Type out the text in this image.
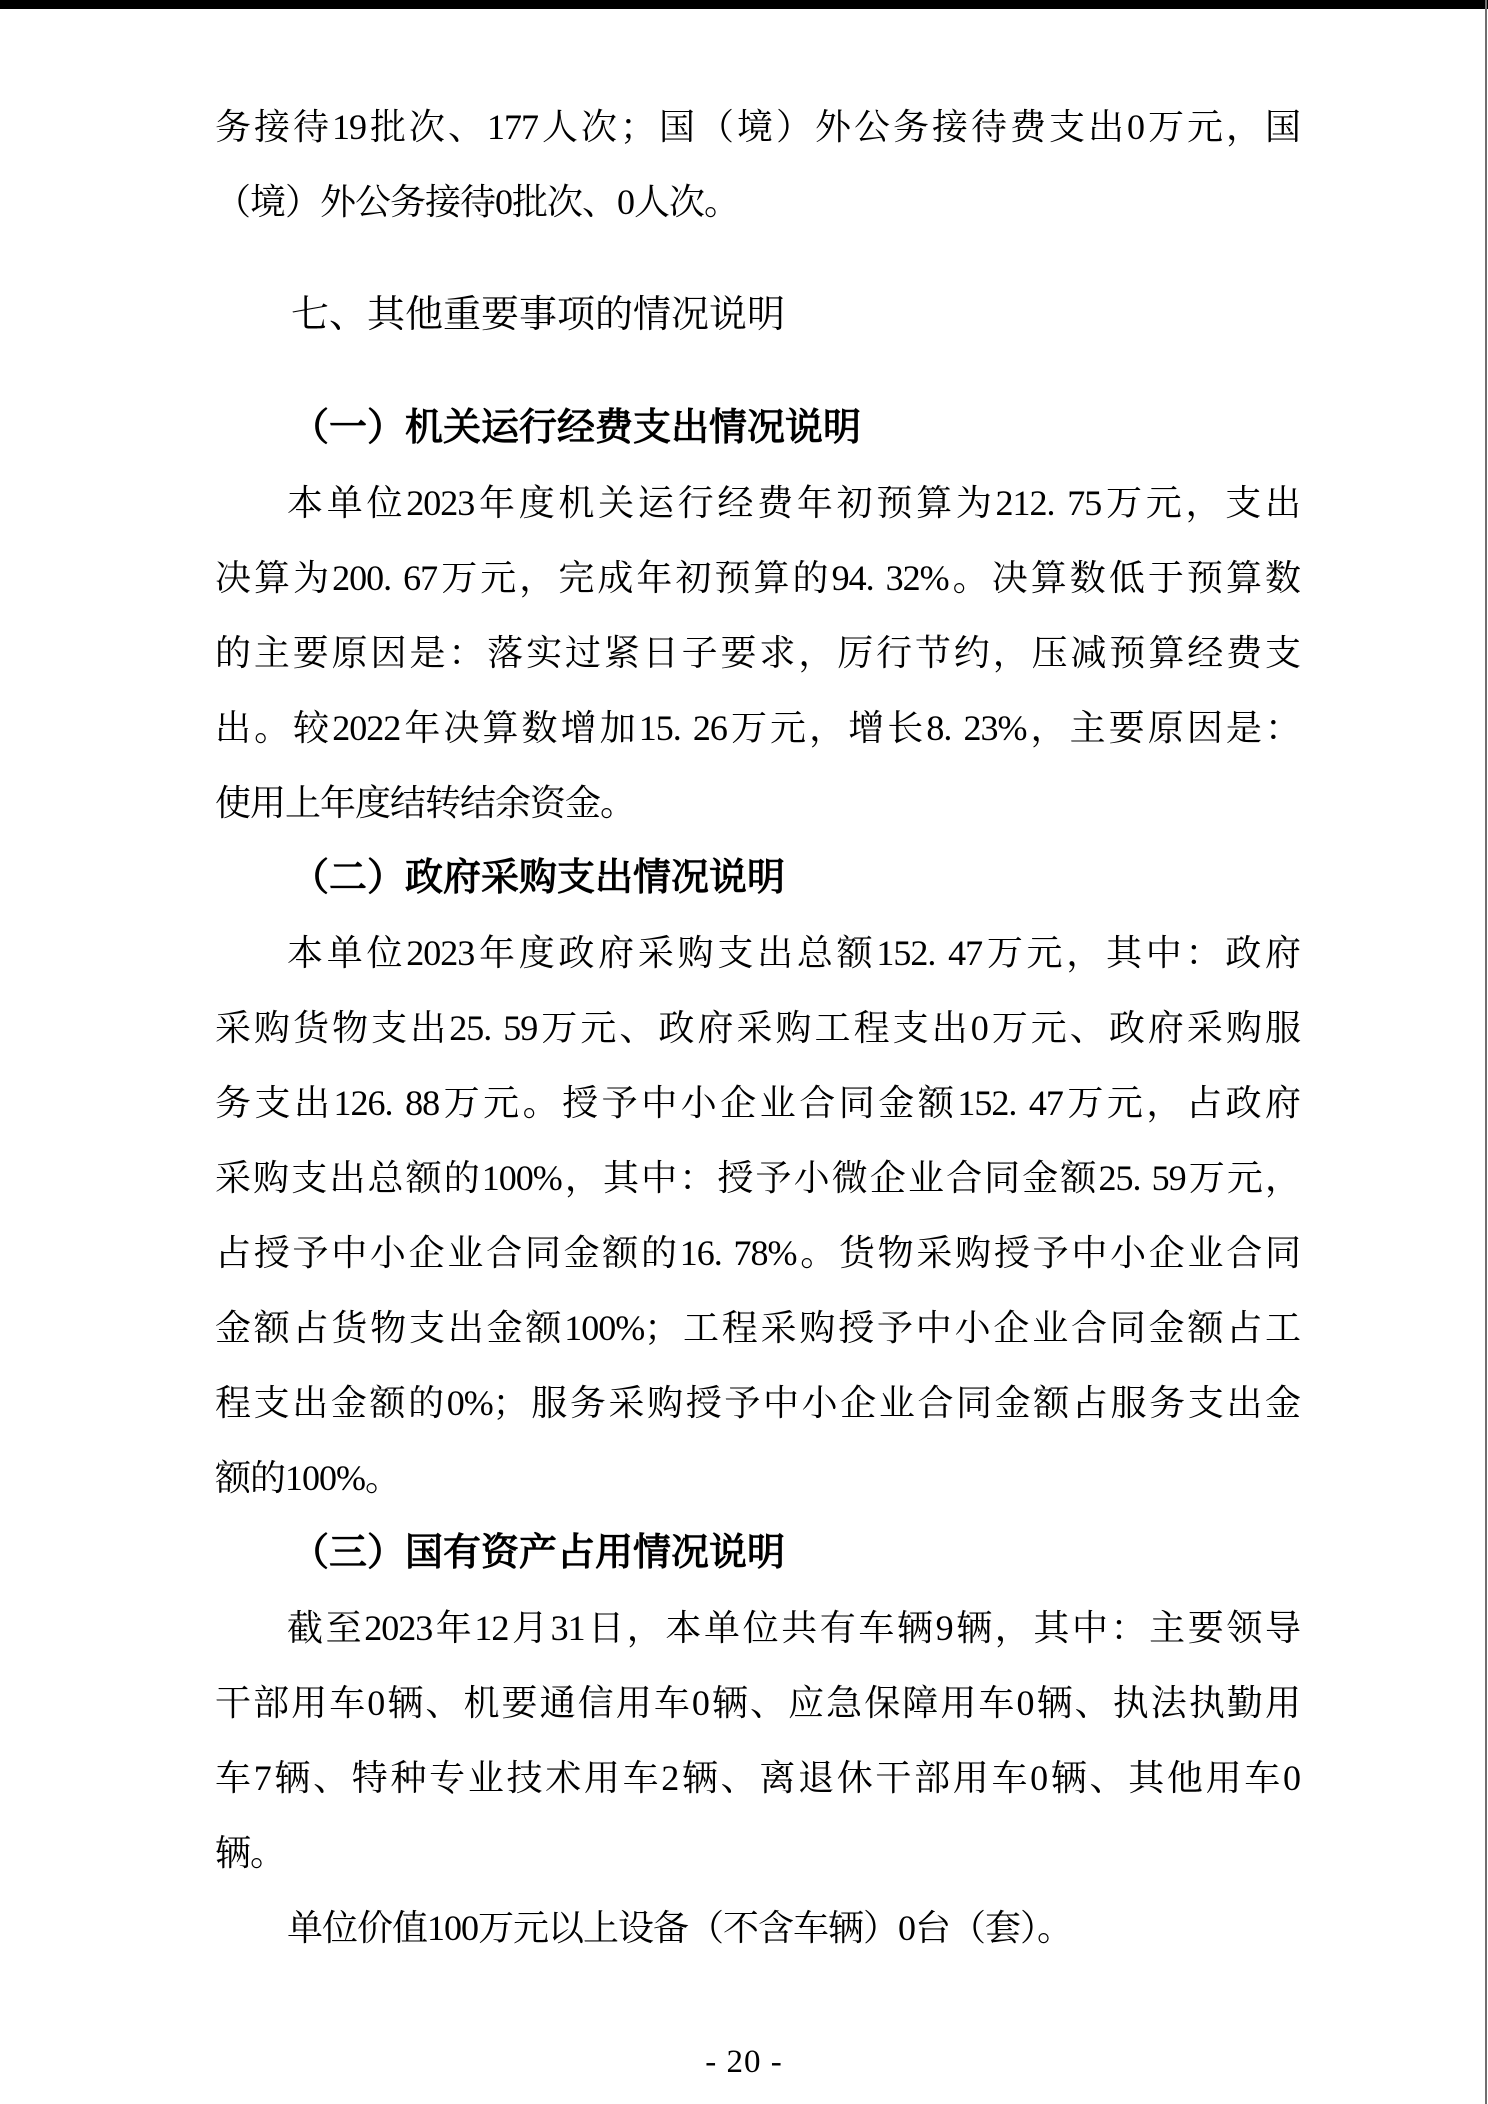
务接待19批次、177人次；国（境）外公务接待费支出0万元，国
（境）外公务接待0批次、0人次。
七、其他重要事项的情况说明
（一）机关运行经费支出情况说明
本单位2023年度机关运行经费年初预算为212. 75万元，支出
决算为200. 67万元，完成年初预算的94. 32%。决算数低于预算数
的主要原因是：落实过紧日子要求，厉行节约，压减预算经费支
出。较2022年决算数增加15. 26万元，增长8. 23%，主要原因是：
使用上年度结转结余资金。
（二）政府采购支出情况说明
本单位2023年度政府采购支出总额152. 47万元，其中：政府
采购货物支出25. 59万元、政府采购工程支出0万元、政府采购服
务支出126. 88万元。授予中小企业合同金额152. 47万元，占政府
采购支出总额的100%，其中：授予小微企业合同金额25. 59万元，
占授予中小企业合同金额的16. 78%。货物采购授予中小企业合同
金额占货物支出金额100%；工程采购授予中小企业合同金额占工
程支出金额的0%；服务采购授予中小企业合同金额占服务支出金
额的100%。
（三）国有资产占用情况说明
截至2023年12月31日，本单位共有车辆9辆，其中：主要领导
干部用车0辆、机要通信用车0辆、应急保障用车0辆、执法执勤用
车7辆、特种专业技术用车2辆、离退休干部用车0辆、其他用车0
辆。
单位价值100万元以上设备（不含车辆）0台（套）。
- 20 -
